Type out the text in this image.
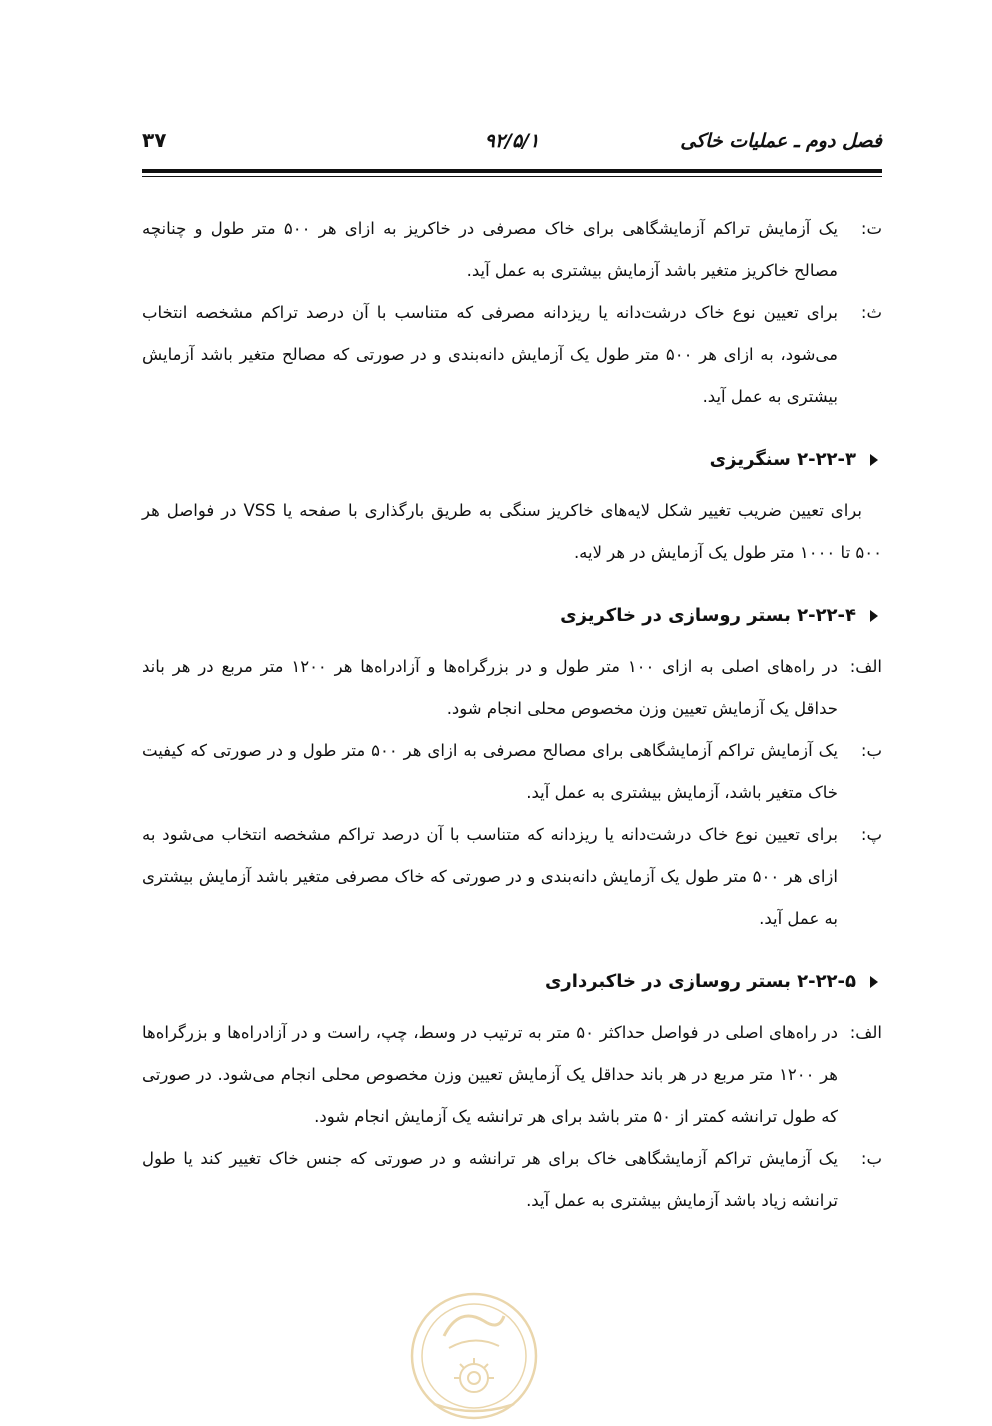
فصل دوم ـ عملیات خاکی
۹۲/۵/۱
۳۷
ت:
یک آزمایش تراکم آزمایشگاهی برای خاک مصرفی در خاکریز به ازای هر ۵۰۰ متر طول و چنانچه مصالح خاکریز متغیر باشد آزمایش بیشتری به عمل آید.
ث:
برای تعیین نوع خاک درشت‌دانه یا ریزدانه مصرفی که متناسب با آن درصد تراکم مشخصه انتخاب می‌شود، به ازای هر ۵۰۰ متر طول یک آزمایش دانه‌بندی و در صورتی که مصالح متغیر باشد آزمایش بیشتری به عمل آید.
۲-۲۲-۳ سنگریزی
برای تعیین ضریب تغییر شکل لایه‌های خاکریز سنگی به طریق بارگذاری با صفحه یا VSS در فواصل هر ۵۰۰ تا ۱۰۰۰ متر طول یک آزمایش در هر لایه.
۲-۲۲-۴ بستر روسازی در خاکریزی
الف:
در راه‌های اصلی به ازای ۱۰۰ متر طول و در بزرگراه‌ها و آزادراه‌ها هر ۱۲۰۰ متر مربع در هر باند حداقل یک آزمایش تعیین وزن مخصوص محلی انجام شود.
ب:
یک آزمایش تراکم آزمایشگاهی برای مصالح مصرفی به ازای هر ۵۰۰ متر طول و در صورتی که کیفیت خاک متغیر باشد، آزمایش بیشتری به عمل آید.
پ:
برای تعیین نوع خاک درشت‌دانه یا ریزدانه که متناسب با آن درصد تراکم مشخصه انتخاب می‌شود به ازای هر ۵۰۰ متر طول یک آزمایش دانه‌بندی و در صورتی که خاک مصرفی متغیر باشد آزمایش بیشتری به عمل آید.
۲-۲۲-۵ بستر روسازی در خاکبرداری
الف:
در راه‌های اصلی در فواصل حداکثر ۵۰ متر به ترتیب در وسط، چپ، راست و در آزادراه‌ها و بزرگراه‌ها هر ۱۲۰۰ متر مربع در هر باند حداقل یک آزمایش تعیین وزن مخصوص محلی انجام می‌شود. در صورتی که طول ترانشه کمتر از ۵۰ متر باشد برای هر ترانشه یک آزمایش انجام شود.
ب:
یک آزمایش تراکم آزمایشگاهی خاک برای هر ترانشه و در صورتی که جنس خاک تغییر کند یا طول ترانشه زیاد باشد آزمایش بیشتری به عمل آید.
